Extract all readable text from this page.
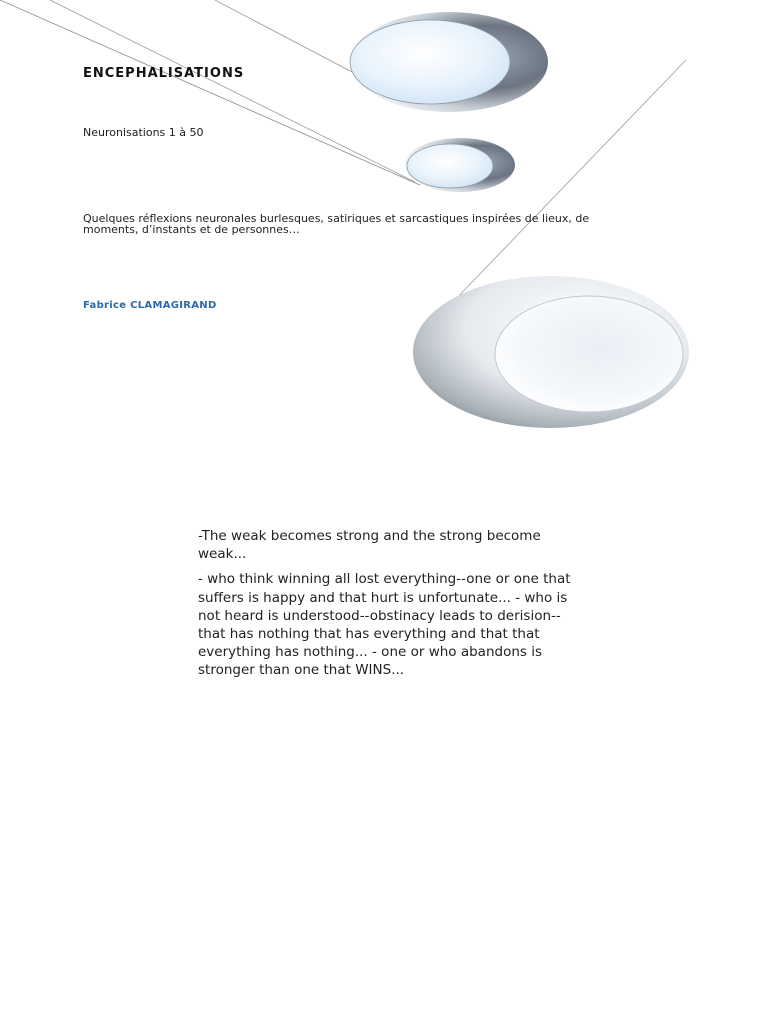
ENCEPHALISATIONS
Neuronisations 1 à 50
Quelques réflexions neuronales burlesques, satiriques et sarcastiques inspirées de lieux, de moments, d’instants et de personnes…
Fabrice CLAMAGIRAND

-The weak becomes strong and the strong become weak...

- who think winning all lost everything--one or one that suffers is happy and that hurt is unfortunate... - who is not heard is understood--obstinacy leads to derision--that has nothing that has everything and that that everything has nothing... - one or who abandons is stronger than one that WINS...
